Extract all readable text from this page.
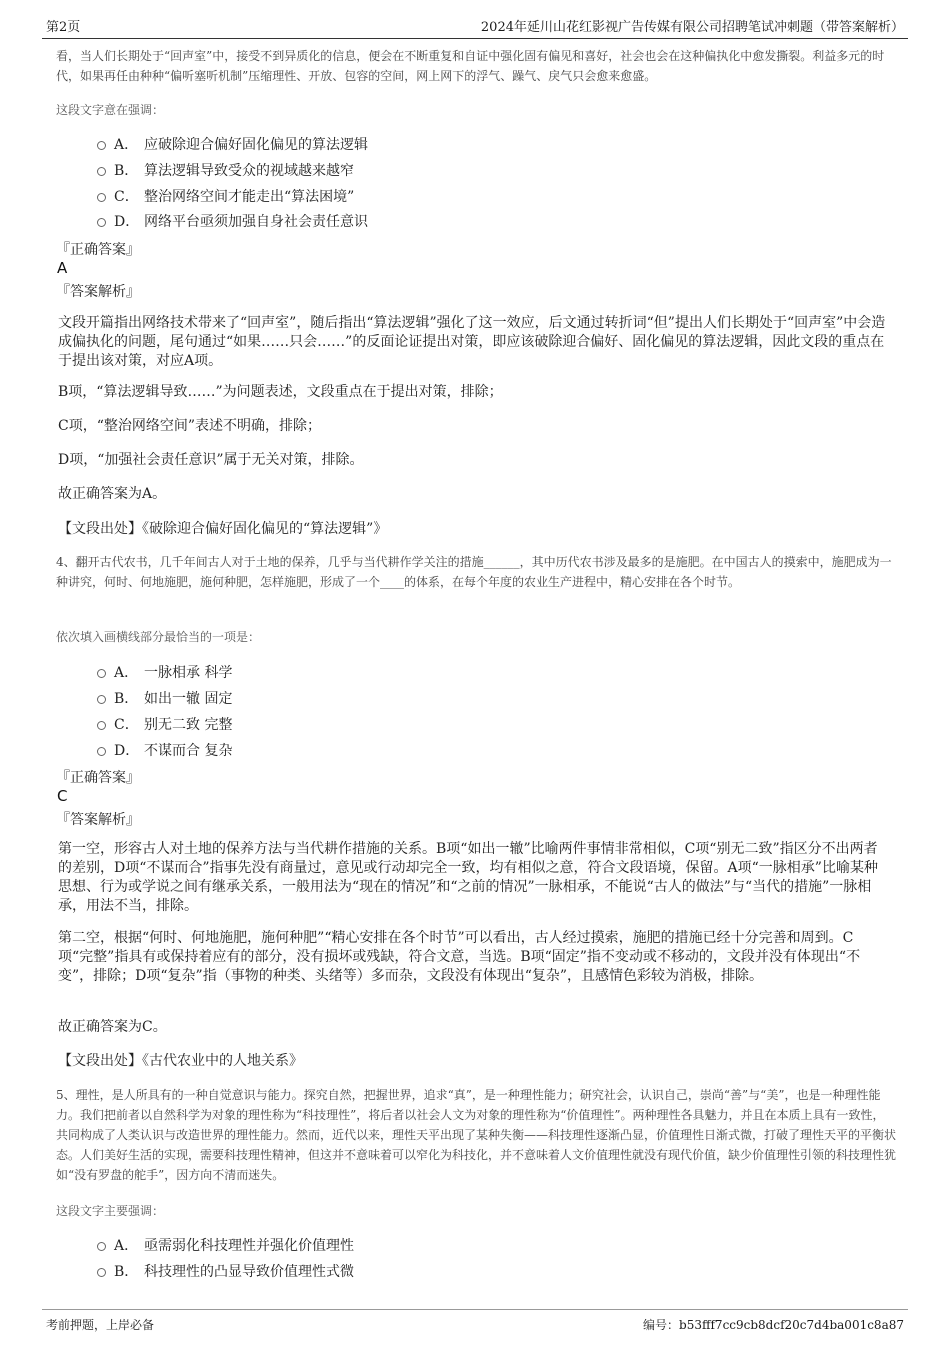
第2页	2024年延川山花红影视广告传媒有限公司招聘笔试冲刺题（带答案解析）
看，当人们长期处于“回声室”中，接受不到异质化的信息，便会在不断重复和自证中强化固有偏见和喜好，社会也会在这种偏执化中愈发撕裂。利益多元的时代，如果再任由种种“偏听塞听机制”压缩理性、开放、包容的空间，网上网下的浮气、躁气、戾气只会愈来愈盛。
这段文字意在强调：
A． 应破除迎合偏好固化偏见的算法逻辑
B． 算法逻辑导致受众的视域越来越窄
C． 整治网络空间才能走出“算法困境”
D． 网络平台亟须加强自身社会责任意识
『正确答案』
A
『答案解析』
文段开篇指出网络技术带来了“回声室”，随后指出“算法逻辑”强化了这一效应，后文通过转折词“但”提出人们长期处于“回声室”中会造成偏执化的问题，尾句通过“如果……只会……”的反面论证提出对策，即应该破除迎合偏好、固化偏见的算法逻辑，因此文段的重点在于提出该对策，对应A项。
B项，“算法逻辑导致……”为问题表述，文段重点在于提出对策，排除；
C项，“整治网络空间”表述不明确，排除；
D项，“加强社会责任意识”属于无关对策，排除。
故正确答案为A。
【文段出处】《破除迎合偏好固化偏见的“算法逻辑”》
4、翻开古代农书，几千年间古人对于土地的保养，几乎与当代耕作学关注的措施______，其中历代农书涉及最多的是施肥。在中国古人的摸索中，施肥成为一种讲究，何时、何地施肥，施何种肥，怎样施肥，形成了一个____的体系，在每个年度的农业生产进程中，精心安排在各个时节。
依次填入画横线部分最恰当的一项是：
A． 一脉相承 科学
B． 如出一辙 固定
C． 别无二致 完整
D． 不谋而合 复杂
『正确答案』
C
『答案解析』
第一空，形容古人对土地的保养方法与当代耕作措施的关系。B项“如出一辙”比喻两件事情非常相似，C项“别无二致”指区分不出两者的差别，D项“不谋而合”指事先没有商量过，意见或行动却完全一致，均有相似之意，符合文段语境，保留。A项“一脉相承”比喻某种思想、行为或学说之间有继承关系，一般用法为“现在的情况”和“之前的情况”一脉相承，不能说“古人的做法”与“当代的措施”一脉相承，用法不当，排除。
第二空，根据“何时、何地施肥，施何种肥”“精心安排在各个时节”可以看出，古人经过摸索，施肥的措施已经十分完善和周到。C项“完整”指具有或保持着应有的部分，没有损坏或残缺，符合文意，当选。B项“固定”指不变动或不移动的，文段并没有体现出“不变”，排除；D项“复杂”指（事物的种类、头绪等）多而杂，文段没有体现出“复杂”，且感情色彩较为消极，排除。
故正确答案为C。
【文段出处】《古代农业中的人地关系》
5、理性，是人所具有的一种自觉意识与能力。探究自然，把握世界，追求“真”，是一种理性能力；研究社会，认识自己，崇尚“善”与“美”，也是一种理性能力。我们把前者以自然科学为对象的理性称为“科技理性”，将后者以社会人文为对象的理性称为“价值理性”。两种理性各具魅力，并且在本质上具有一致性，共同构成了人类认识与改造世界的理性能力。然而，近代以来，理性天平出现了某种失衡——科技理性逐渐凸显，价值理性日渐式微，打破了理性天平的平衡状态。人们美好生活的实现，需要科技理性精神，但这并不意味着可以窄化为科技化，并不意味着人文价值理性就没有现代价值，缺少价值理性引领的科技理性犹如“没有罗盘的舵手”，因方向不清而迷失。
这段文字主要强调：
A． 亟需弱化科技理性并强化价值理性
B． 科技理性的凸显导致价值理性式微
考前押题，上岸必备	编号：b53fff7cc9cb8dcf20c7d4ba001c8a87
